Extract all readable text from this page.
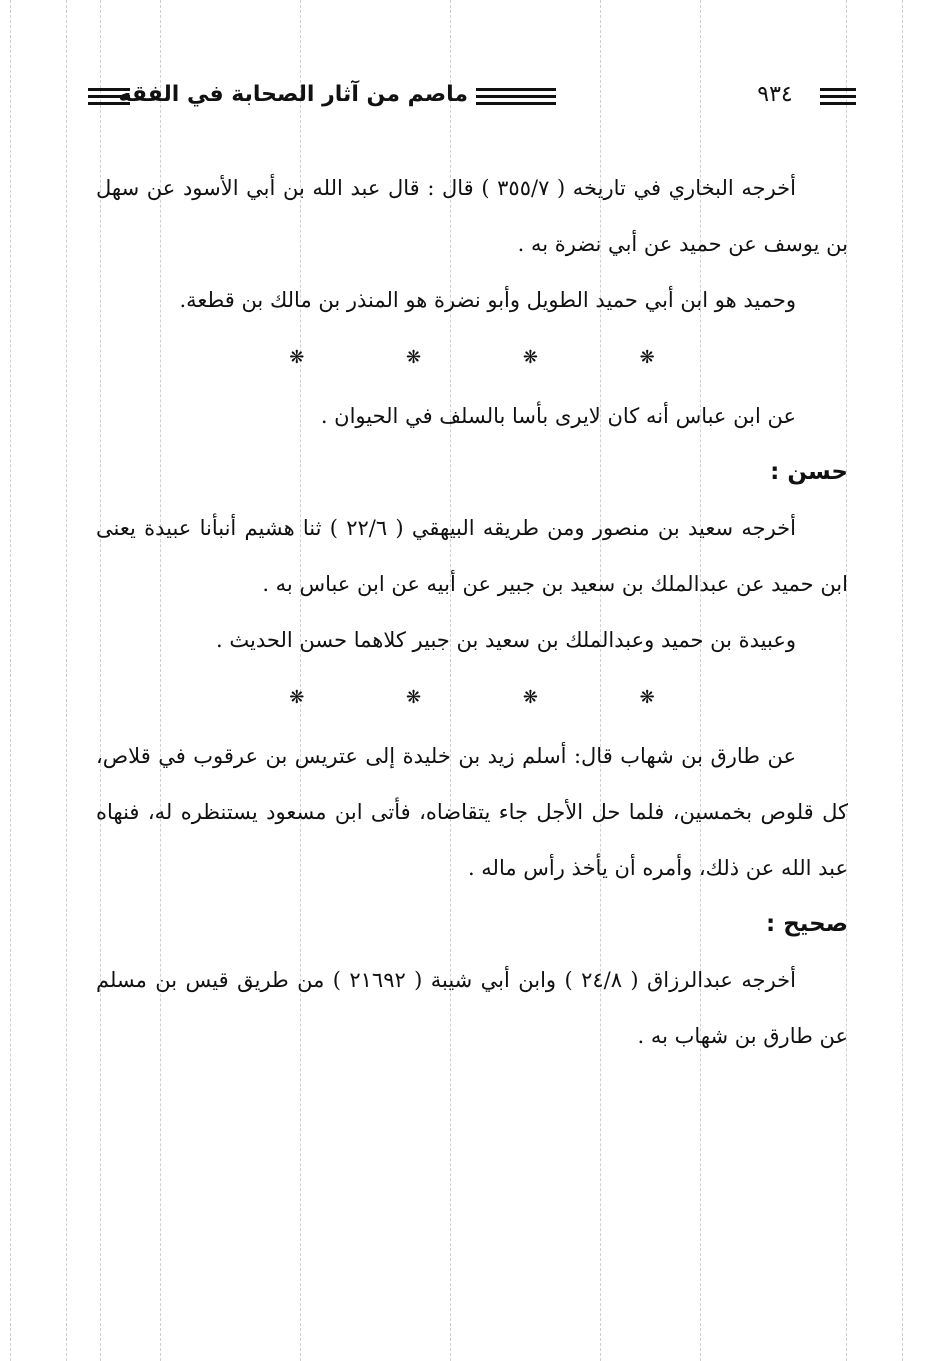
ماصم من آثار الصحابة في الفقه	٩٣٤

أخرجه البخاري في تاريخه ( ٣٥٥/٧ ) قال : قال عبد الله بن أبي الأسود عن سهل بن يوسف عن حميد عن أبي نضرة به .

وحميد هو ابن أبي حميد الطويل وأبو نضرة هو المنذر بن مالك بن قطعة.

❋ ❋ ❋ ❋

عن ابن عباس أنه كان لايرى بأسا بالسلف في الحيوان .

حسن :

أخرجه سعيد بن منصور ومن طريقه البيهقي ( ٢٢/٦ ) ثنا هشيم أنبأنا عبيدة يعنى ابن حميد عن عبدالملك بن سعيد بن جبير عن أبيه عن ابن عباس به .

وعبيدة بن حميد وعبدالملك بن سعيد بن جبير كلاهما حسن الحديث .

❋ ❋ ❋ ❋

عن طارق بن شهاب قال: أسلم زيد بن خليدة إلى عتريس بن عرقوب في قلاص، كل قلوص بخمسين، فلما حل الأجل جاء يتقاضاه، فأتى ابن مسعود يستنظره له، فنهاه عبد الله عن ذلك، وأمره أن يأخذ رأس ماله .

صحيح :

أخرجه عبدالرزاق ( ٢٤/٨ ) وابن أبي شيبة ( ٢١٦٩٢ ) من طريق قيس بن مسلم عن طارق بن شهاب به .
